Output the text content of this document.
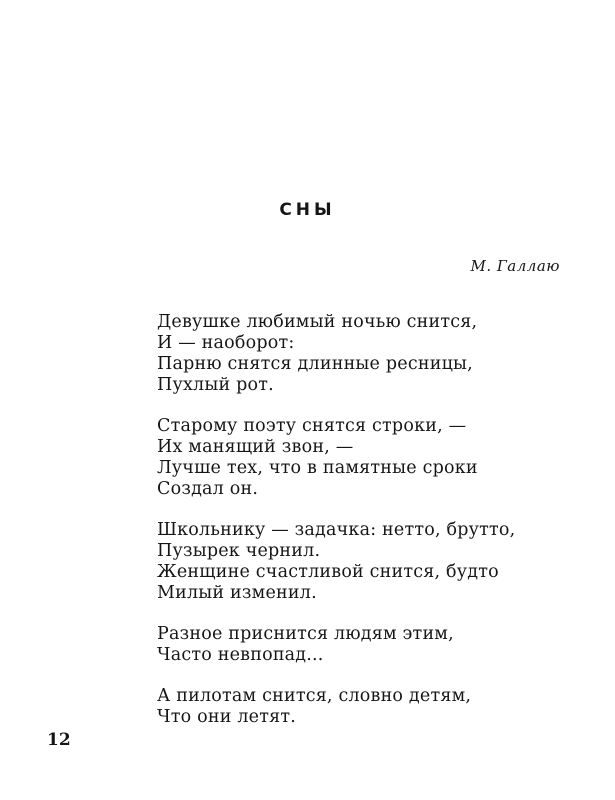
СНЫ

М. Галлаю

Девушке любимый ночью снится,
И — наоборот:
Парню снятся длинные ресницы,
Пухлый рот.
Старому поэту снятся строки, —
Их манящий звон, —
Лучше тех, что в памятные сроки
Создал он.
Школьнику — задачка: нетто, брутто,
Пузырек чернил.
Женщине счастливой снится, будто
Милый изменил.
Разное приснится людям этим,
Часто невпопад...
А пилотам снится, словно детям,
Что они летят.

12
